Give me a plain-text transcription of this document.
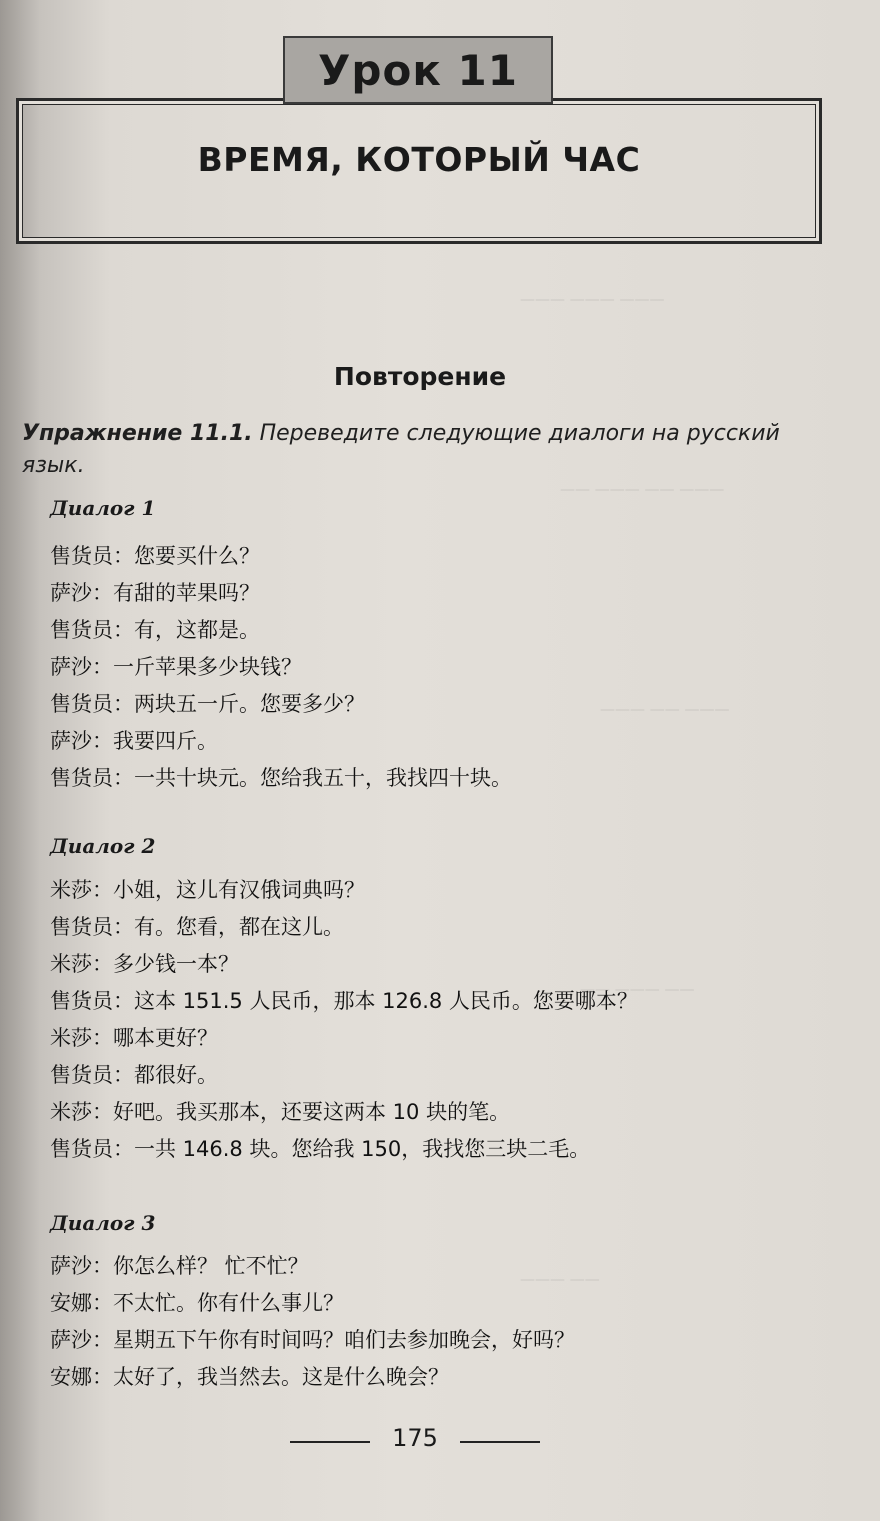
——— ——— ———
—— ——— —— ———
——— —— ———
—— ——— ——
——— ——
Урок 11
ВРЕМЯ, КОТОРЫЙ ЧАС
Повторение
Упражнение 11.1. Переведите следующие диалоги на русский язык.
Диалог 1
售货员：您要买什么？
萨沙：有甜的苹果吗？
售货员：有，这都是。
萨沙：一斤苹果多少块钱？
售货员：两块五一斤。您要多少？
萨沙：我要四斤。
售货员：一共十块元。您给我五十，我找四十块。
Диалог 2
米莎：小姐，这儿有汉俄词典吗？
售货员：有。您看，都在这儿。
米莎：多少钱一本？
售货员：这本 151.5 人民币，那本 126.8 人民币。您要哪本？
米莎：哪本更好？
售货员：都很好。
米莎：好吧。我买那本，还要这两本 10 块的笔。
售货员：一共 146.8 块。您给我 150，我找您三块二毛。
Диалог 3
萨沙：你怎么样？ 忙不忙？
安娜：不太忙。你有什么事儿？
萨沙：星期五下午你有时间吗？咱们去参加晚会，好吗？
安娜：太好了，我当然去。这是什么晚会？
175
